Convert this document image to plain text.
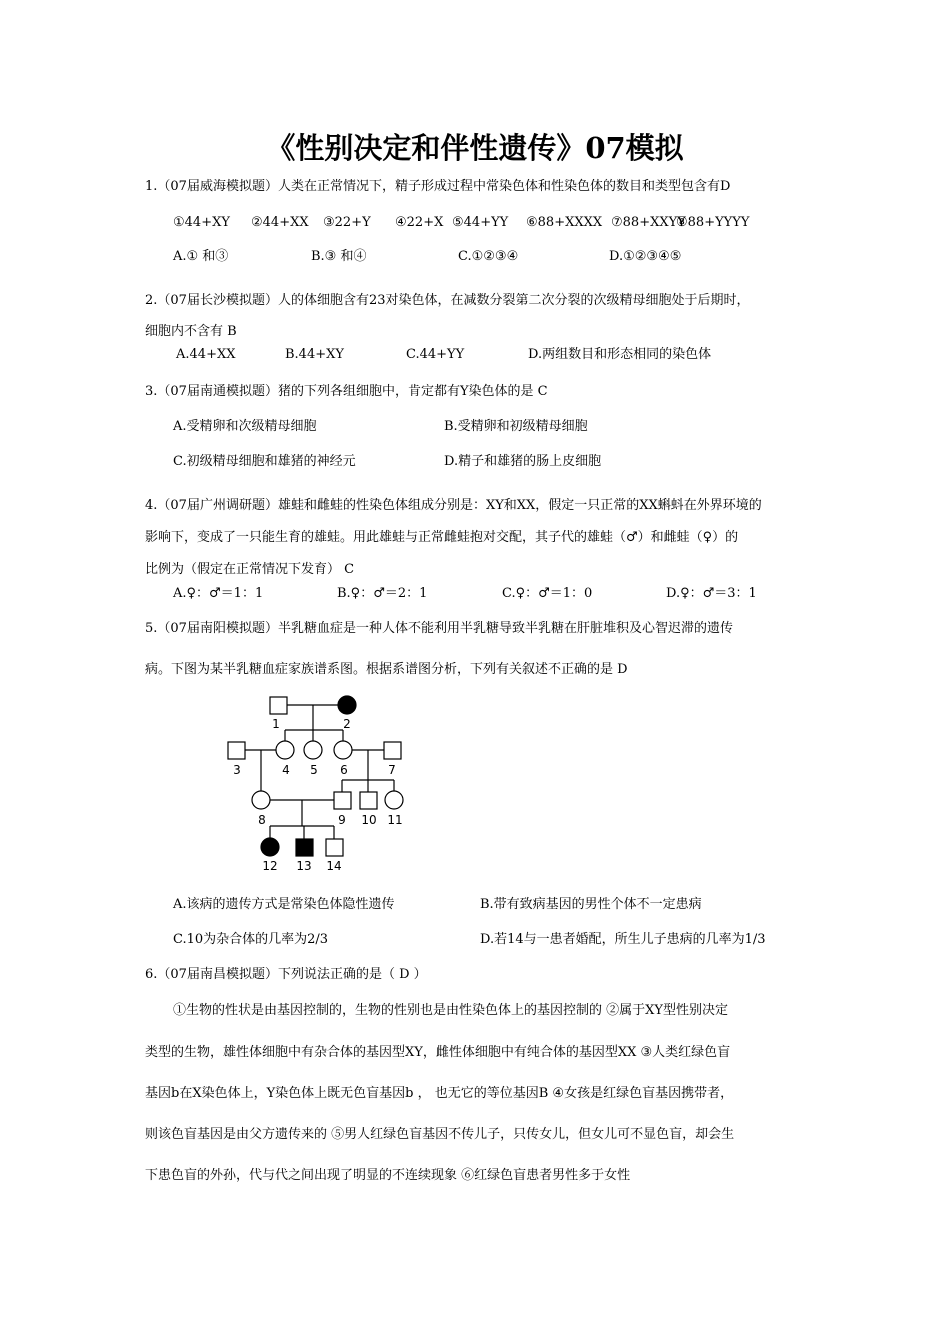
《性别决定和伴性遗传》07模拟
1.（07届威海模拟题）人类在正常情况下，精子形成过程中常染色体和性染色体的数目和类型包含有D
①44+XY ②44+XX ③22+Y ④22+X ⑤44+YY ⑥88+XXXX ⑦88+XXYY
⑧88+YYYY
A.① 和③	B.③ 和④	C.①②③④	D.①②③④⑤
2.（07届长沙模拟题）人的体细胞含有23对染色体，在减数分裂第二次分裂的次级精母细胞处于后期时，
细胞内不含有 B
A.44+XX	B.44+XY	C.44+YY	D.两组数目和形态相同的染色体
3.（07届南通模拟题）猪的下列各组细胞中，肯定都有Y染色体的是 C
A.受精卵和次级精母细胞	B.受精卵和初级精母细胞
C.初级精母细胞和雄猪的神经元	D.精子和雄猪的肠上皮细胞
4.（07届广州调研题）雄蛙和雌蛙的性染色体组成分别是：XY和XX，假定一只正常的XX蝌蚪在外界环境的
影响下，变成了一只能生育的雄蛙。用此雄蛙与正常雌蛙抱对交配，其子代的雄蛙（♂）和雌蛙（♀）的
比例为（假定在正常情况下发育） C
A.♀：♂＝1：1	B.♀：♂＝2：1	C.♀：♂＝1：0	D.♀：♂＝3：1
5.（07届南阳模拟题）半乳糖血症是一种人体不能利用半乳糖导致半乳糖在肝脏堆积及心智迟滞的遗传
病。下图为某半乳糖血症家族谱系图。根据系谱图分析，下列有关叙述不正确的是 D
1	2
3	4 5 6	7
8	9 10 11
12 13 14
A.该病的遗传方式是常染色体隐性遗传	B.带有致病基因的男性个体不一定患病
C.10为杂合体的几率为2/3	D.若14与一患者婚配，所生儿子患病的几率为1/3
6.（07届南昌模拟题）下列说法正确的是（ D ）
①生物的性状是由基因控制的，生物的性别也是由性染色体上的基因控制的 ②属于XY型性别决定
类型的生物，雄性体细胞中有杂合体的基因型XY，雌性体细胞中有纯合体的基因型XX ③人类红绿色盲
基因b在X染色体上，Y染色体上既无色盲基因b ， 也无它的等位基因B ④女孩是红绿色盲基因携带者，
则该色盲基因是由父方遗传来的 ⑤男人红绿色盲基因不传儿子，只传女儿，但女儿可不显色盲，却会生
下患色盲的外孙，代与代之间出现了明显的不连续现象 ⑥红绿色盲患者男性多于女性
